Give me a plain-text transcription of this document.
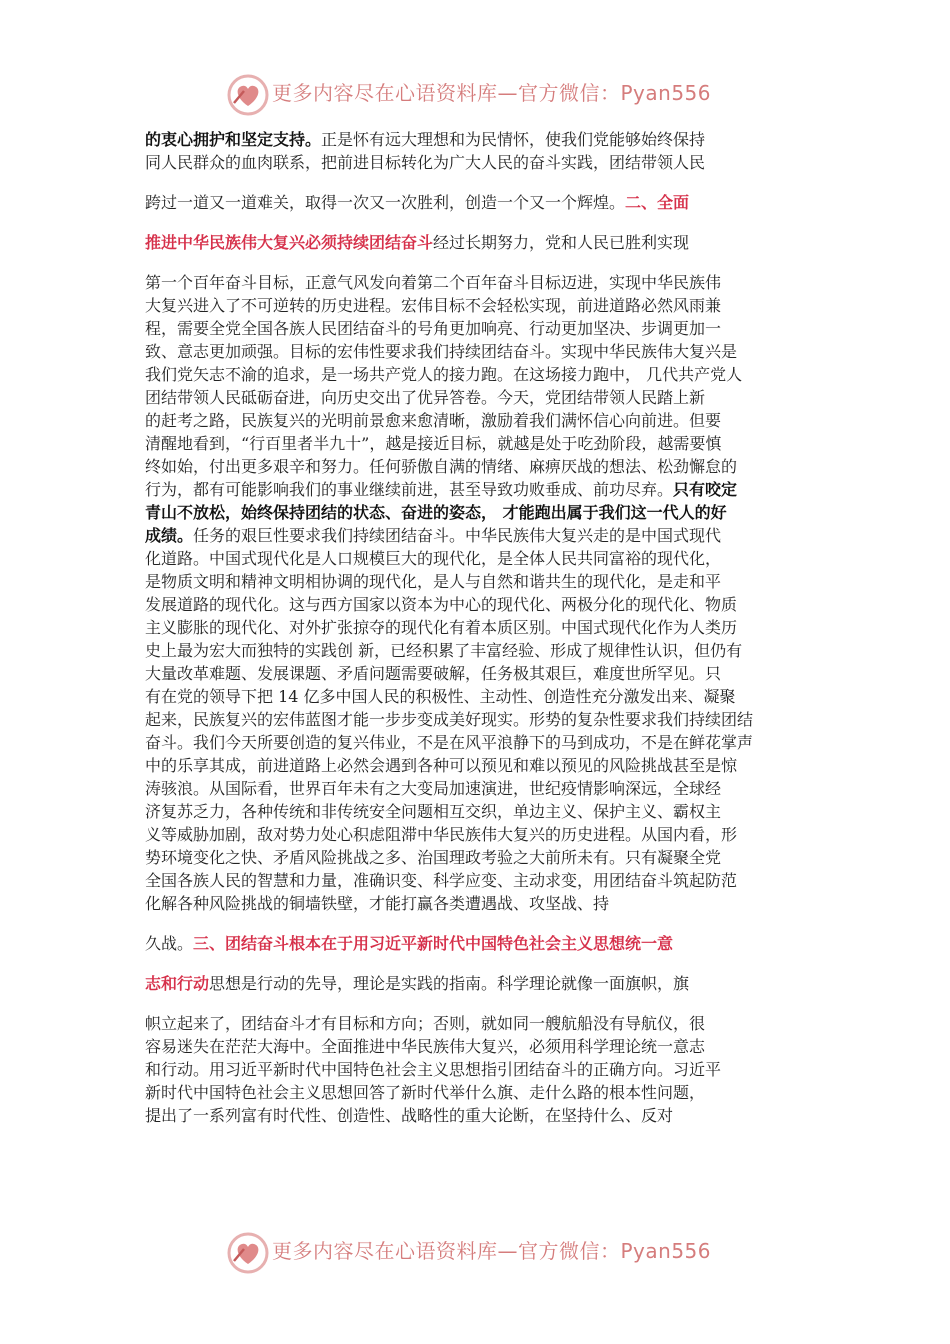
更多内容尽在心语资料库—官方微信：Pyan556
的衷心拥护和坚定支持。正是怀有远大理想和为民情怀，使我们党能够始终保持
同人民群众的血肉联系，把前进目标转化为广大人民的奋斗实践，团结带领人民
跨过一道又一道难关，取得一次又一次胜利，创造一个又一个辉煌。二、全面
推进中华民族伟大复兴必须持续团结奋斗经过长期努力，党和人民已胜利实现
第一个百年奋斗目标，正意气风发向着第二个百年奋斗目标迈进，实现中华民族伟
大复兴进入了不可逆转的历史进程。宏伟目标不会轻松实现，前进道路必然风雨兼
程，需要全党全国各族人民团结奋斗的号角更加响亮、行动更加坚决、步调更加一
致、意志更加顽强。目标的宏伟性要求我们持续团结奋斗。实现中华民族伟大复兴是
我们党矢志不渝的追求，是一场共产党人的接力跑。在这场接力跑中， 几代共产党人
团结带领人民砥砺奋进，向历史交出了优异答卷。今天，党团结带领人民踏上新
的赶考之路，民族复兴的光明前景愈来愈清晰，激励着我们满怀信心向前进。但要
清醒地看到，“行百里者半九十”，越是接近目标，就越是处于吃劲阶段，越需要慎
终如始，付出更多艰辛和努力。任何骄傲自满的情绪、麻痹厌战的想法、松劲懈怠的
行为，都有可能影响我们的事业继续前进，甚至导致功败垂成、前功尽弃。只有咬定
青山不放松，始终保持团结的状态、奋进的姿态， 才能跑出属于我们这一代人的好
成绩。任务的艰巨性要求我们持续团结奋斗。中华民族伟大复兴走的是中国式现代
化道路。中国式现代化是人口规模巨大的现代化，是全体人民共同富裕的现代化，
是物质文明和精神文明相协调的现代化，是人与自然和谐共生的现代化，是走和平
发展道路的现代化。这与西方国家以资本为中心的现代化、两极分化的现代化、物质
主义膨胀的现代化、对外扩张掠夺的现代化有着本质区别。中国式现代化作为人类历
史上最为宏大而独特的实践创 新，已经积累了丰富经验、形成了规律性认识，但仍有
大量改革难题、发展课题、矛盾问题需要破解，任务极其艰巨，难度世所罕见。只
有在党的领导下把 14 亿多中国人民的积极性、主动性、创造性充分激发出来、凝聚
起来，民族复兴的宏伟蓝图才能一步步变成美好现实。形势的复杂性要求我们持续团结
奋斗。我们今天所要创造的复兴伟业，不是在风平浪静下的马到成功，不是在鲜花掌声
中的乐享其成，前进道路上必然会遇到各种可以预见和难以预见的风险挑战甚至是惊
涛骇浪。从国际看，世界百年未有之大变局加速演进，世纪疫情影响深远，全球经
济复苏乏力，各种传统和非传统安全问题相互交织，单边主义、保护主义、霸权主
义等威胁加剧，敌对势力处心积虑阻滞中华民族伟大复兴的历史进程。从国内看，形
势环境变化之快、矛盾风险挑战之多、治国理政考验之大前所未有。只有凝聚全党
全国各族人民的智慧和力量，准确识变、科学应变、主动求变，用团结奋斗筑起防范
化解各种风险挑战的铜墙铁壁，才能打赢各类遭遇战、攻坚战、持
久战。三、团结奋斗根本在于用习近平新时代中国特色社会主义思想统一意
志和行动思想是行动的先导，理论是实践的指南。科学理论就像一面旗帜，旗
帜立起来了，团结奋斗才有目标和方向；否则，就如同一艘航船没有导航仪，很
容易迷失在茫茫大海中。全面推进中华民族伟大复兴，必须用科学理论统一意志
和行动。用习近平新时代中国特色社会主义思想指引团结奋斗的正确方向。习近平
新时代中国特色社会主义思想回答了新时代举什么旗、走什么路的根本性问题，
提出了一系列富有时代性、创造性、战略性的重大论断，在坚持什么、反对
更多内容尽在心语资料库—官方微信：Pyan556
